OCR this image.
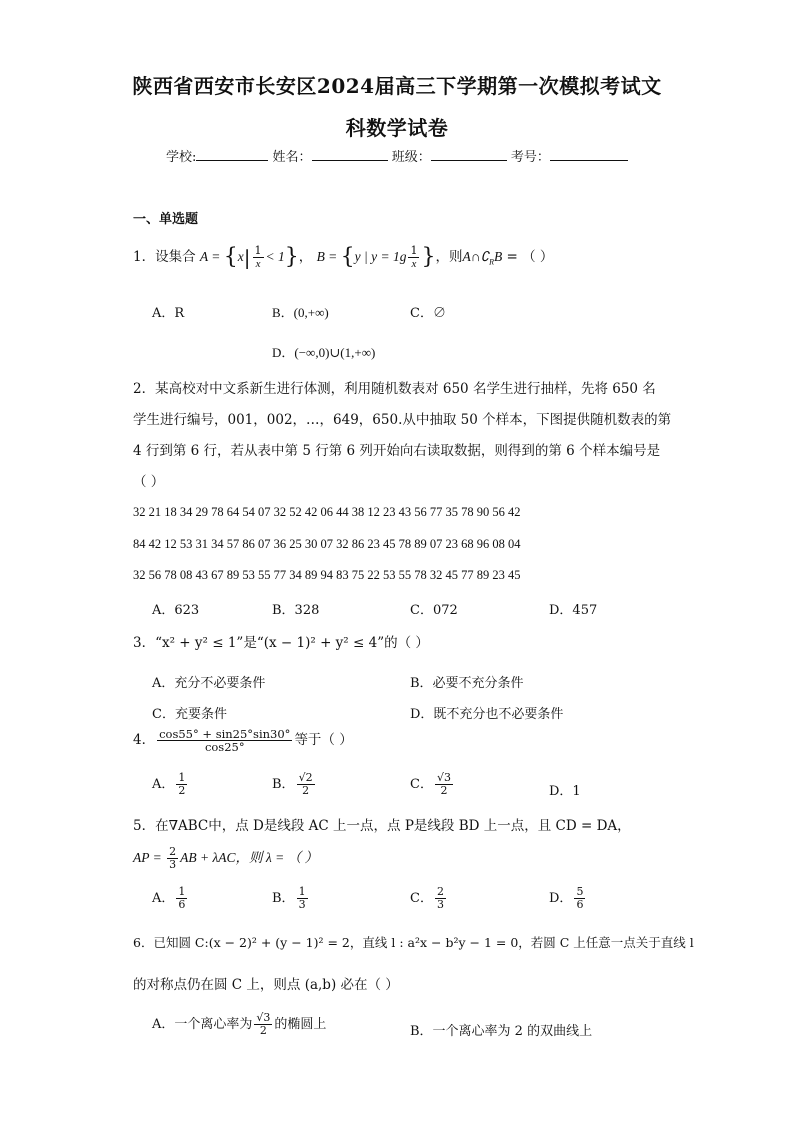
陕西省西安市长安区2024届高三下学期第一次模拟考试文
科数学试卷
学校:	姓名：	班级：	考号：
一、单选题
1．设集合 $A = \{x| \frac{1}{x} < 1\}$， B = {y | $y = 1g \frac{1}{x}$ }，则$A\cap∁_RB$ = （ ）
A．R	B．(0,+∞)	C．∅
D．(−∞,0)∪(1,+∞)
2．某高校对中文系新生进行体测，利用随机数表对 650 名学生进行抽样，先将 650 名
学生进行编号，001，002，…，649，650.从中抽取 50 个样本，下图提供随机数表的第
4 行到第 6 行，若从表中第 5 行第 6 列开始向右读取数据，则得到的第 6 个样本编号是
（ ）
32 21 18 34 29 78 64 54 07 32 52 42 06 44 38 12 23 43 56 77 35 78 90 56 42
84 42 12 53 31 34 57 86 07 36 25 30 07 32 86 23 45 78 89 07 23 68 96 08 04
32 56 78 08 43 67 89 53 55 77 34 89 94 83 75 22 53 55 78 32 45 77 89 23 45
A．623	B．328	C．072	D．457
3．“x² + y² ≤ 1”是“(x − 1)² + y² ≤ 4”的（ ）
A．充分不必要条件	B．必要不充分条件
C．充要条件	D．既不充分也不必要条件
4． $\frac{\cos 55^\circ + \sin 25^\circ\sin 30^\circ}{\cos 25^\circ}$ 等于（ ）
A． $\frac{1}{2}$	B． $\frac{√2}{2}$	C． $\frac{√3}{2}$	D．1
5．在∇ABC中，点 D是线段 AC 上一点，点 P是线段 BD 上一点，且 CD = DA，
AP = $\frac{2}{3}$ AB + λAC，则 λ = （ ）
A． $\frac{1}{6}$	B． $\frac{1}{3}$	C． $\frac{2}{3}$	D． $\frac{5}{6}$
6．已知圆 C:(x − 2)² + (y − 1)² = 2，直线 l : a²x − b²y − 1 = 0，若圆 C 上任意一点关于直线 l
的对称点仍在圆 C 上，则点 (a,b) 必在（ ）
A．一个离心率为 $\frac{√3}{2}$ 的椭圆上	B．一个离心率为 2 的双曲线上
